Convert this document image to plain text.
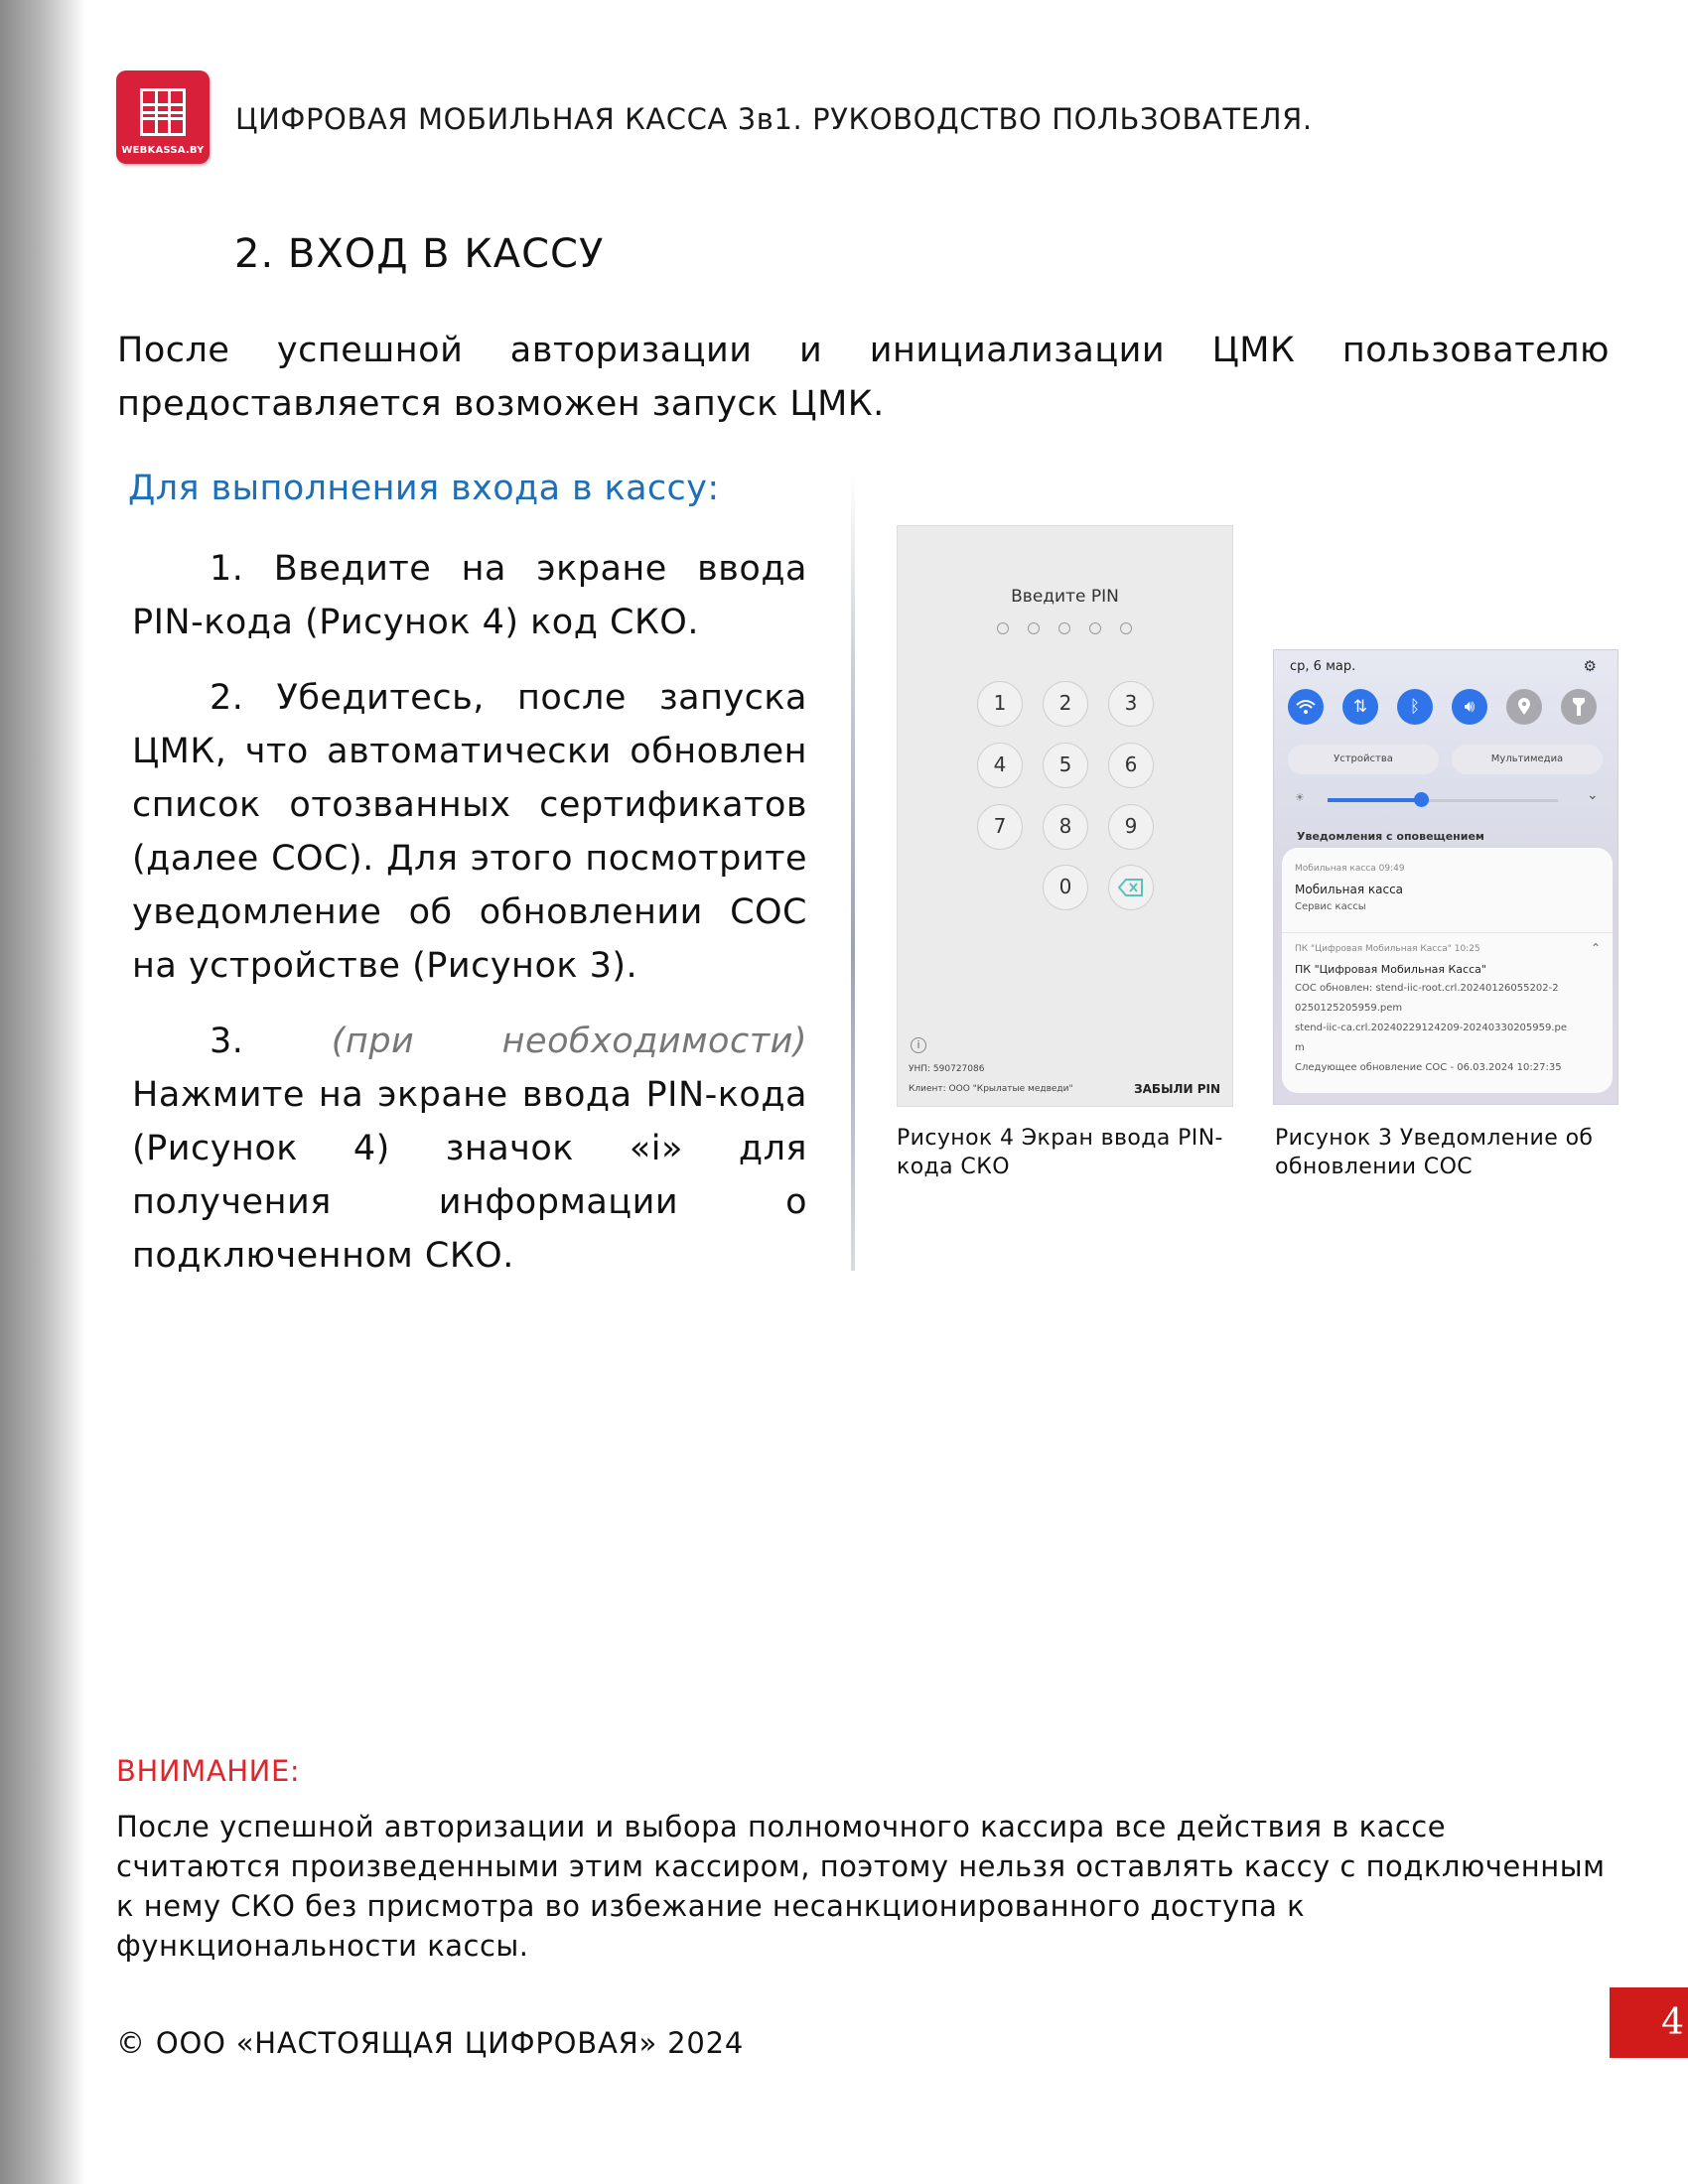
WEBKASSA.BY
ЦИФРОВАЯ МОБИЛЬНАЯ КАССА 3в1. РУКОВОДСТВО ПОЛЬЗОВАТЕЛЯ.
2. ВХОД В КАССУ
После успешной авторизации и инициализации ЦМК пользователю
предоставляется возможен запуск ЦМК.
Для выполнения входа в кассу:

1. Введите на экране ввода PIN-кода (Рисунок 4) код СКО.

2. Убедитесь, после запуска ЦМК, что автоматически обновлен список отозванных сертификатов (далее СОС). Для этого посмотрите уведомление об обновлении СОС на устройстве (Рисунок 3).

3.	(при необходимости) Нажмите на экране ввода PIN-кода (Рисунок 4) значок «i» для получения информации о подключенном СКО.

Введите PIN
1	2	3
4	5	6
7	8	9
0
i
УНП: 590727086
Клиент: ООО "Крылатые медведи"	ЗАБЫЛИ PIN
Рисунок 4 Экран ввода PIN-кода СКО
ср, 6 мар.	⚙
⇅	ᛒ	🔊︎
Устройства	Мультимедиа
☀	⌄
Уведомления с оповещением
Мобильная касса 09:49
Мобильная касса
Сервис кассы
ПК "Цифровая Мобильная Касса" 10:25	⌃
ПК "Цифровая Мобильная Касса"
СОС обновлен: stend-iic-root.crl.20240126055202-2
0250125205959.pem
stend-iic-ca.crl.20240229124209-20240330205959.pe
m
Следующее обновление СОС - 06.03.2024 10:27:35
Рисунок 3 Уведомление об обновлении СОС
ВНИМАНИЕ:
После успешной авторизации и выбора полномочного кассира все действия в кассе считаются произведенными этим кассиром, поэтому нельзя оставлять кассу с подключенным к нему СКО без присмотра во избежание несанкционированного доступа к функциональности кассы.
© ООО «НАСТОЯЩАЯ ЦИФРОВАЯ» 2024	4
